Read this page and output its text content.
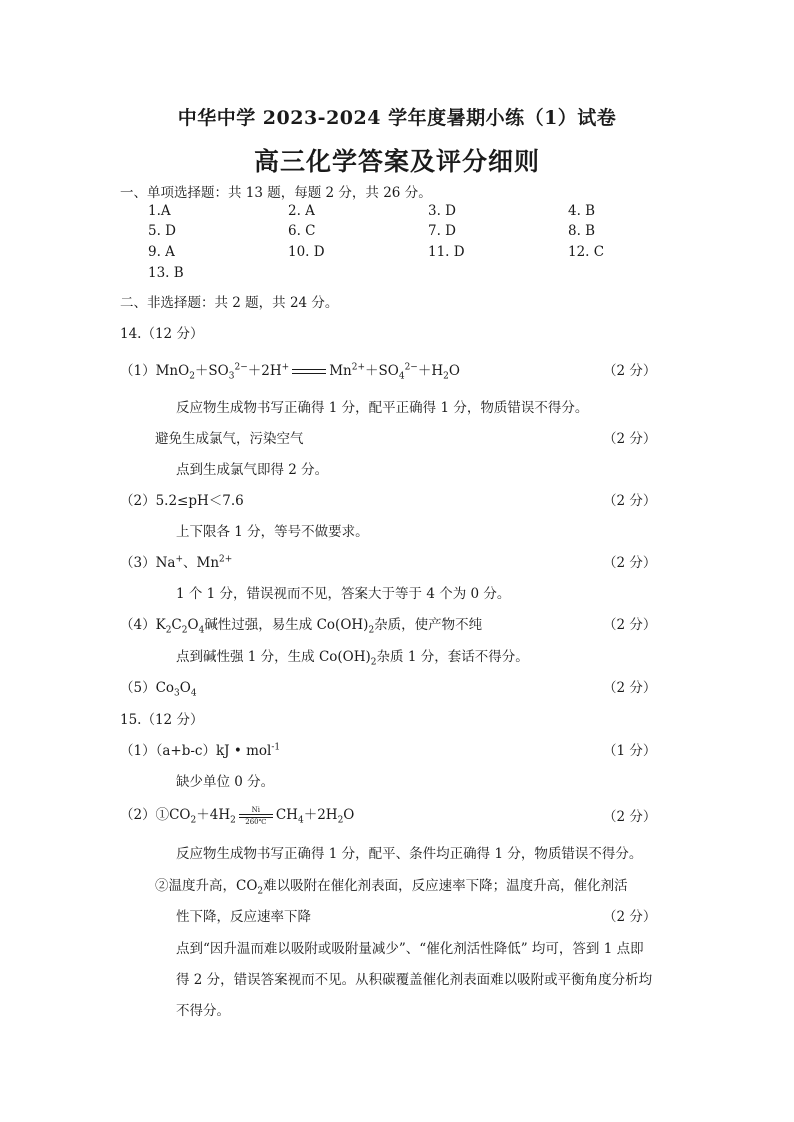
中华中学 2023-2024 学年度暑期小练（1）试卷
高三化学答案及评分细则
一、单项选择题：共 13 题，每题 2 分，共 26 分。
1.A	2. A	3. D	4. B
5. D	6. C	7. D	8. B
9. A	10. D	11. D	12. C
13. B
二、非选择题：共 2 题，共 24 分。
14.（12 分）
$(1)MnO_2+SO_3^{2-}+2H^+$	$Mn^{2+}+SO_4^{2-}+H_2O$	（2 分）
反应物生成物书写正确得 1 分，配平正确得 1 分，物质错误不得分。
避免生成氯气，污染空气	（2 分）
点到生成氯气即得 2 分。
（2）5.2≤pH＜7.6	（2 分）
上下限各 1 分，等号不做要求。
（3）Na+、$Mn^{2+}$	（2 分）
1 个 1 分，错误视而不见，答案大于等于 4 个为 0 分。
$(4)K_2C_2O_4$碱性过强，易生成 $Co(OH)_2$杂质，使产物不纯	（2 分）
点到碱性强 1 分，生成 $Co(OH)_2$杂质 1 分，套话不得分。
$(5)Co_3O_4$	（2 分）
15.（12 分）
（1）（a+b-c）kJ • mol$^{-1}$	（1 分）
缺少单位 0 分。
$(2)①CO_2+4H_2 \frac{Ni}{260℃} CH_4+2H_2O$	（2 分）
反应物生成物书写正确得 1 分，配平、条件均正确得 1 分，物质错误不得分。
②温度升高，$CO_2$难以吸附在催化剂表面，反应速率下降；温度升高，催化剂活
性下降，反应速率下降	（2 分）
点到“因升温而难以吸附或吸附量减少”、“催化剂活性降低” 均可，答到 1 点即
得 2 分，错误答案视而不见。从积碳覆盖催化剂表面难以吸附或平衡角度分析均
不得分。
